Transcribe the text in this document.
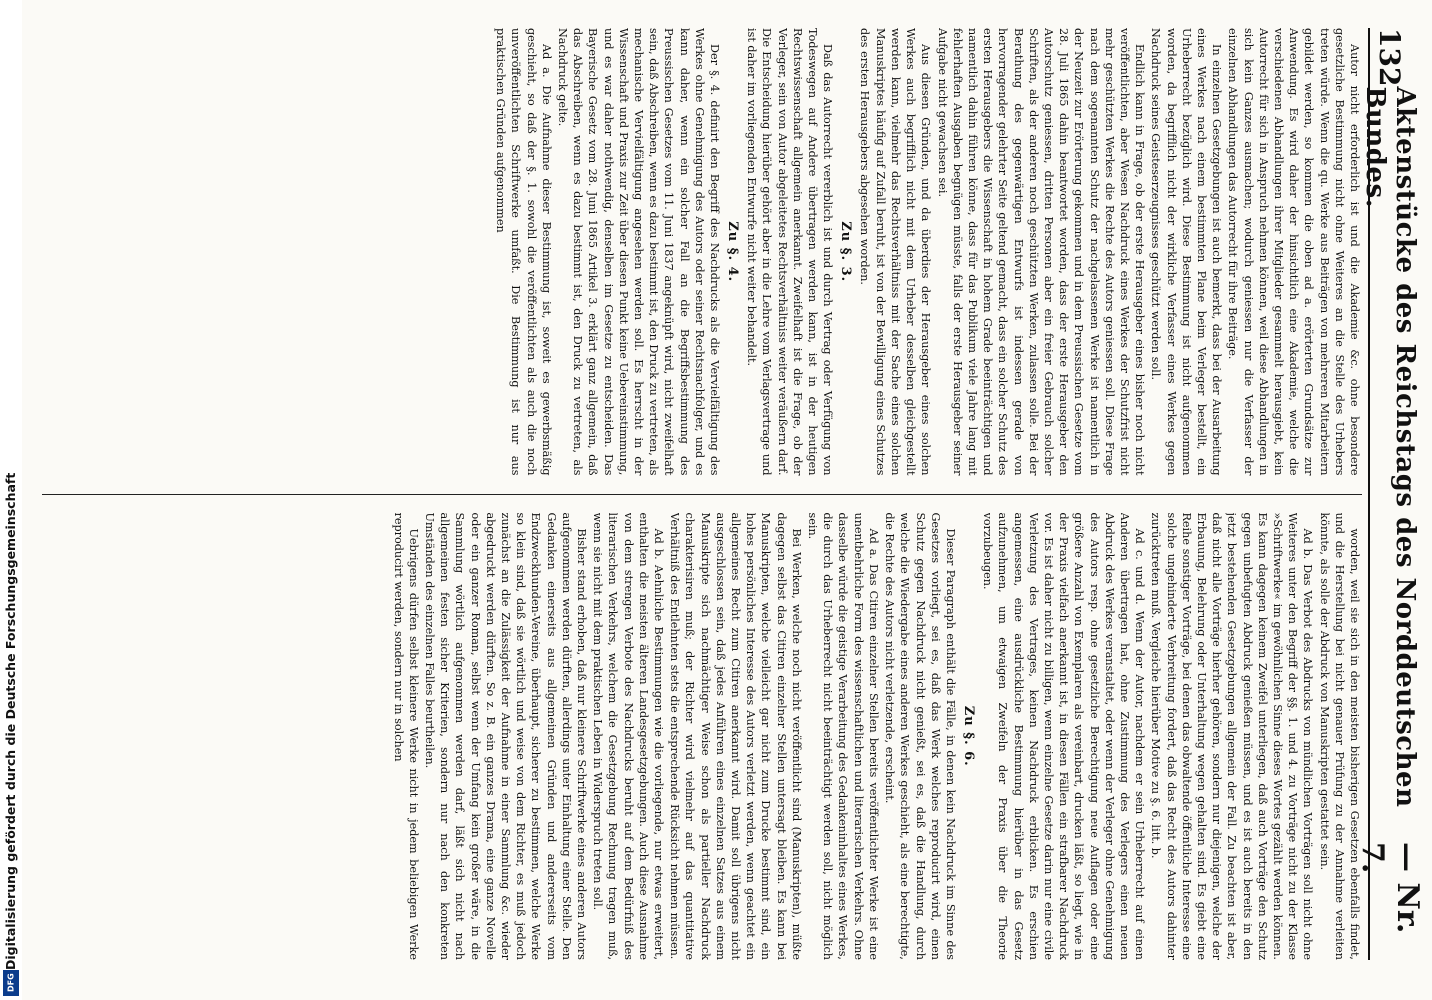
Digitalisierung gefördert durch die Deutsche Forschungsgemeinschaft
DFG
132
Aktenstücke des Reichstags des Norddeutschen Bundes.
— Nr. 7.

Autor nicht erforderlich ist und die Akademie &c. ohne besondere gesetzliche Bestimmung nicht ohne Weiteres an die Stelle des Urhebers treten würde. Wenn die qu. Werke aus Beiträgen von mehreren Mitarbeitern gebildet werden, so kommen die oben ad a. erörterten Grundsätze zur Anwendung. Es wird daher der hinsichtlich eine Akademie, welche die verschiedenen Abhandlungen ihrer Mitglieder gesammelt herausgiebt, kein Autorrecht für sich in Anspruch nehmen können, weil diese Abhandlungen in sich kein Ganzes ausmachen; wodurch geniessen nur die Verfasser der einzelnen Abhandlungen das Autorrecht für ihre Beiträge.

In einzelnen Gesetzgebungen ist auch bemerkt, dass bei der Ausarbeitung eines Werkes nach einem bestimmten Plane beim Verleger bestellt, ein Urheberrecht bezüglich wird. Diese Bestimmung ist nicht aufgenommen worden, da begrifflich nicht der wirkliche Verfasser eines Werkes gegen Nachdruck seines Geisteserzeugnisses geschützt werden soll.

Endlich kann in Frage, ob der erste Herausgeber eines bisher noch nicht veröffentlichten, aber Wesen Nachdruck eines Werkes der Schutzfrist nicht mehr geschützten Werkes die Rechte des Autors geniessen soll. Diese Frage nach dem sogenannten Schutz der nachgelassenen Werke ist namentlich in der Neuzeit zur Erörterung gekommen und in dem Preussischen Gesetze vom 28. Juli 1865 dahin beantwortet worden, dass der erste Herausgeber den Autorschutz geniessen, dritten Personen aber ein freier Gebrauch solcher Schriften, als der anderen noch geschützten Werken, zulassen solle. Bei der Berathung des gegenwärtigen Entwurfs ist indessen gerade von hervorragender gelehrter Seite geltend gemacht, dass ein solcher Schutz des ersten Herausgebers die Wissenschaft in hohem Grade beeinträchtigen und namentlich dahin führen könne, dass für das Publikum viele Jahre lang mit fehlerhaften Ausgaben begnügen müsste, falls der erste Herausgeber seiner Aufgabe nicht gewachsen sei.

Aus diesen Gründen, und da überdies der Herausgeber eines solchen Werkes auch begrifflich nicht mit dem Urheber desselben gleichgestellt werden kann, vielmehr das Rechtsverhältniss mit der Sache eines solchen Manuskriptes häufig auf Zufall beruht, ist von der Bewilligung eines Schutzes des ersten Herausgebers abgesehen worden.

Zu §. 3.

Daß das Autorrecht vererblich ist und durch Vertrag oder Verfügung von Todeswegen auf Andere übertragen werden kann, ist in der heutigen Rechtswissenschaft allgemein anerkannt. Zweifelhaft ist die Frage, ob der Verleger, sein von Autor abgeleitetes Rechtsverhältniss weiter veräußern darf. Die Entscheidung hierüber gehört aber in die Lehre vom Verlagsvertrage und ist daher im vorliegenden Entwurfe nicht weiter behandelt.

Zu §. 4.

Der §. 4. definirt den Begriff des Nachdrucks als die Vervielfältigung des Werkes ohne Genehmigung des Autors oder seiner Rechtsnachfolger, und es kann daher, wenn ein solcher Fall an die Begriffsbestimmung des Preussischen Gesetzes vom 11. Juni 1837 angeknüpft wird, nicht zweifelhaft sein, daß Abschreiben, wenn es dazu bestimmt ist, den Druck zu vertreten, als mechanische Vervielfältigung angesehen werden soll. Es herrscht in der Wissenschaft und Praxis zur Zeit über diesen Punkt keine Uebereinstimmung, und es war daher nothwendig, denselben im Gesetze zu entscheiden. Das Bayerische Gesetz vom 28. Juni 1865 Artikel 3. erklärt ganz allgemein, daß das Abschreiben, wenn es dazu bestimmt ist, den Druck zu vertreten, als Nachdruck gelte.

Ad a. Die Aufnahme dieser Bestimmung ist, soweit es gewerbsmäßig geschieht, so daß der §. 1. sowohl die veröffentlichten als auch die noch unveröffentlichten Schriftwerke umfaßt. Die Bestimmung ist nur aus praktischen Gründen aufgenommen

worden, weil sie sich in den meisten bisherigen Gesetzen ebenfalls findet, und die Herstellung bei nicht genauer Prüfung zu der Annahme verleiten könnte, als solle der Abdruck von Manuskripten gestattet sein.

Ad b. Das Verbot des Abdrucks von mündlichen Vorträgen soll nicht ohne Weiteres unter den Begriff der §§. 1. und 4. zu Vorträge nicht zu der Klasse »Schriftwerke« im gewöhnlichen Sinne dieses Wortes gezählt werden können. Es kann dagegen keinem Zweifel unterliegen, daß auch Vorträge den Schutz gegen unbefugten Abdruck genießen müssen, und es ist auch bereits in den jetzt bestehenden Gesetzgebungen allgemein der Fall. Zu beachten ist aber, daß nicht alle Vorträge hierher gehören, sondern nur diejenigen, welche der Erbauung, Belehrung oder Unterhaltung wegen gehalten sind. Es giebt eine Reihe sonstiger Vorträge, bei denen das obwaltende öffentliche Interesse eine solche ungehinderte Verbreitung fordert, daß das Recht des Autors dahinter zurücktreten muß. Vergleiche hierüber Motive zu §. 6. litt. b.

Ad c. und d. Wenn der Autor, nachdem er sein Urheberrecht auf einen Anderen übertragen hat, ohne Zustimmung des Verlegers einen neuen Abdruck des Werkes veranstaltet, oder wenn der Verleger ohne Genehmigung des Autors resp. ohne gesetzliche Berechtigung neue Auflagen oder eine größere Anzahl von Exemplaren als vereinbart, drucken läßt, so liegt, wie in der Praxis vielfach anerkannt ist, in diesen Fällen ein strafbarer Nachdruck vor. Es ist daher nicht zu billigen, wenn einzelne Gesetze darin nur eine civile Verletzung des Vertrages, keinen Nachdruck erblicken. Es erschien angemessen, eine ausdrückliche Bestimmung hierüber in das Gesetz aufzunehmen, um etwaigen Zweifeln der Praxis über die Theorie vorzubeugen.

Zu §. 6.

Dieser Paragraph enthält die Fälle, in denen kein Nachdruck im Sinne des Gesetzes vorliegt, sei es, daß das Werk welches reproducirt wird, einen Schutz gegen Nachdruck nicht genießt, sei es, daß die Handlung, durch welche die Wiedergabe eines anderen Werkes geschieht, als eine berechtigte, die Rechte des Autors nicht verletzende, erscheint.

Ad a. Das Citiren einzelner Stellen bereits veröffentlichter Werke ist eine unentbehrliche Form des wissenschaftlichen und literarischen Verkehrs. Ohne dasselbe würde die geistige Verarbeitung des Gedankeninhaltes eines Werkes, die durch das Urheberrecht nicht beeinträchtigt werden soll, nicht möglich sein.

Bei Werken, welche noch nicht veröffentlicht sind (Manuskripten), müßte dagegen selbst das Citiren einzelner Stellen untersagt bleiben. Es kann bei Manuskripten, welche vielleicht gar nicht zum Drucke bestimmt sind, ein hohes persönliches Interesse des Autors verletzt werden, wenn geachtet ein allgemeines Recht zum Citiren anerkannt wird. Damit soll übrigens nicht ausgeschlossen sein, daß jedes Anführen eines einzelnen Satzes aus einem Manuskripte sich nachmächtiger Weise schon als partieller Nachdruck charakterisiren muß; der Richter wird vielmehr auf das quantitative Verhältniß des Entlehnten stets die entsprechende Rücksicht nehmen müssen.

Ad b. Aehnliche Bestimmungen wie die vorliegende, nur etwas erweitert, enthalten die meisten älteren Landesgesetzgebungen. Auch diese Ausnahme von dem strengen Verbote des Nachdrucks beruht auf dem Bedürfniß des literarischen Verkehrs, welchem die Gesetzgebung Rechnung tragen muß, wenn sie nicht mit dem praktischen Leben in Widerspruch treten soll.

Bisher stand erhoben, daß nur kleinere Schriftwerke eines anderen Autors aufgenommen werden dürften, allerdings unter Einhaltung einer Stelle. Den Gedanken einerseits aus allgemeinen Gründen und andererseits vom Endzweckhunden-Vereine, überhaupt, sicherer zu bestimmen, welche Werke so klein sind, daß sie wörtlich und weise von dem Richter, es muß jedoch zunächst an die Zulässigkeit der Aufnahme in einer Sammlung &c. wieder abgedruckt werden dürften. So z. B. ein ganzes Drama, eine ganze Novelle oder ein ganzer Roman, selbst wenn der Umfang kein großer wäre, in die Sammlung wörtlich aufgenommen werden darf, läßt sich nicht nach allgemeinen festen sicher Kriterien, sondern nur nach den konkreten Umständen des einzelnen Falles beurtheilen.

Uebrigens dürfen selbst kleinere Werke nicht in jedem beliebigen Werke reproducirt werden, sondern nur in solchen
